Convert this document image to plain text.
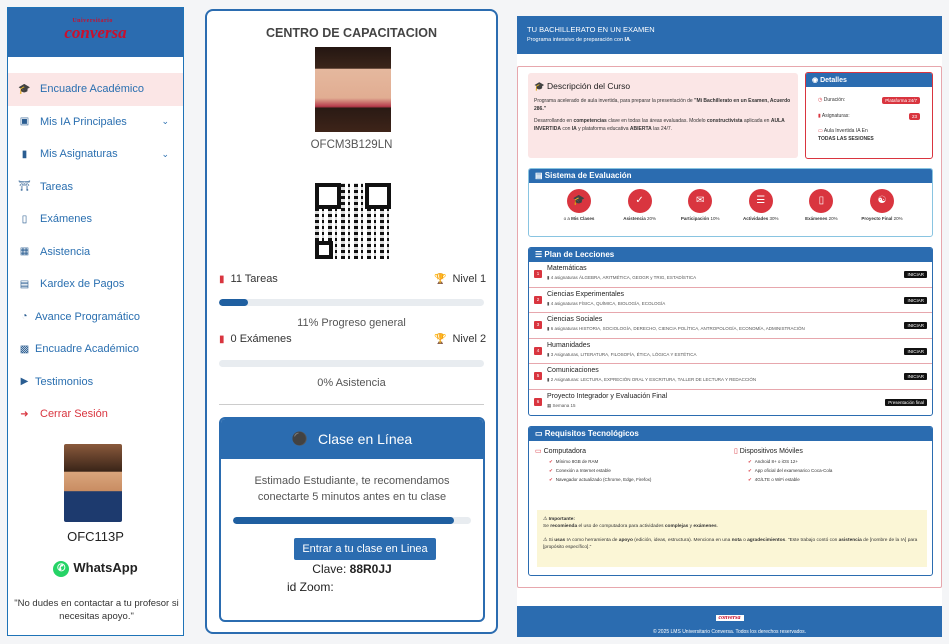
Universitario
conversa
🎓 Encuadre Académico
▣ Mis IA Principales	⌄
▮	Mis Asignaturas	⌄
⛩ Tareas
▯	Exámenes
▦ Asistencia
▤ Kardex de Pagos
◔ Avance Programático
▩ Encuadre Académico
▶ Testimonios
➜	Cerrar Sesión
OFC113P
✆ WhatsApp
"No dudes en contactar a tu profesor si necesitas apoyo."
CENTRO DE CAPACITACION
OFCM3B129LN
▮ 11 Tareas	🏆 Nivel 1
11% Progreso general
▮ 0 Exámenes	🏆 Nivel 2
0% Asistencia
⚫ Clase en Línea
Estimado Estudiante, te recomendamos conectarte 5 minutos antes en tu clase
Entrar a tu clase en Linea
Clave: 88R0JJ
id Zoom:
TU BACHILLERATO EN UN EXAMEN
Programa intensivo de preparación con IA.
🎓 Descripción del Curso

Programa acelerado de aula invertida, para preparar la presentación de "Mi Bachillerato en un Examen, Acuerdo 286."

Desarrollando en competencias clave en todas las áreas evaluadas. Modelo constructivista aplicada en AULA INVERTIDA con IA y plataforma educativa ABIERTA las 24/7.

◉ Detalles
◷ Duración:	Plataforma 24/7
▮ Asignaturas:	23
▭ Aula Invertida IA En
TODAS LAS SESIONES
▤ Sistema de Evaluación
🎓
o a Mis Clases
✓
Asistencia 20%
✉
Participación 10%
☰
Actividades 30%
▯
Exámenes 20%
☯
Proyecto Final 20%
☰ Plan de Lecciones
1
Matemáticas
▮ 4 asignaturas ÁLGEBRA, ARITMÉTICA, GEOGR y TRIG, ESTADÍSTICA
INICIAR
2
Ciencias Experimentales
▮ 4 asignaturas FÍSICA, QUÍMICA, BIOLOGÍA, ECOLOGÍA
INICIAR
3
Ciencias Sociales
▮ 6 asignaturas HISTORIA, SOCIOLOGÍA, DERECHO, CIENCIA POLÍTICA, ANTROPOLOGÍA, ECONOMÍA, ADMINISTRACIÓN
INICIAR
4
Humanidades
▮ 3 Asignaturas, LITERATURA, FILOSOFÍA, ÉTICA, LÓGICA Y ESTÉTICA
INICIAR
5
Comunicaciones
▮ 2 Asignaturas: LECTURA, EXPRECIÓN ORAL Y ESCRITURA, TALLER DE LECTURA Y REDACCIÓN
INICIAR
6
Proyecto Integrador y Evaluación Final
▦ Semana 15
Presentación final
▭ Requisitos Tecnológicos
▭ Computadora
✔ Mínimo 8GB de RAM
✔ Conexión a Internet estable
✔ Navegador actualizado (Chrome, Edge, Firefox)
▯ Dispositivos Móviles
✔ Android 8+ o iOS 12+
✔ App oficial del examenarico Coca-Cola
✔ 4G/LTE o WiFi estable
⚠ Importante:
Se recomienda el uso de computadora para actividades complejas y exámenes.
⚠ Si usas IA como herramienta de apoyo (edición, ideas, estructura). Menciona en una nota o agradecimientos. "Este trabajo contó con asistencia de [nombre de la IA] para [propósito específico]."
conversa
© 2025 LMS Universitario Conversa. Todos los derechos reservados.
